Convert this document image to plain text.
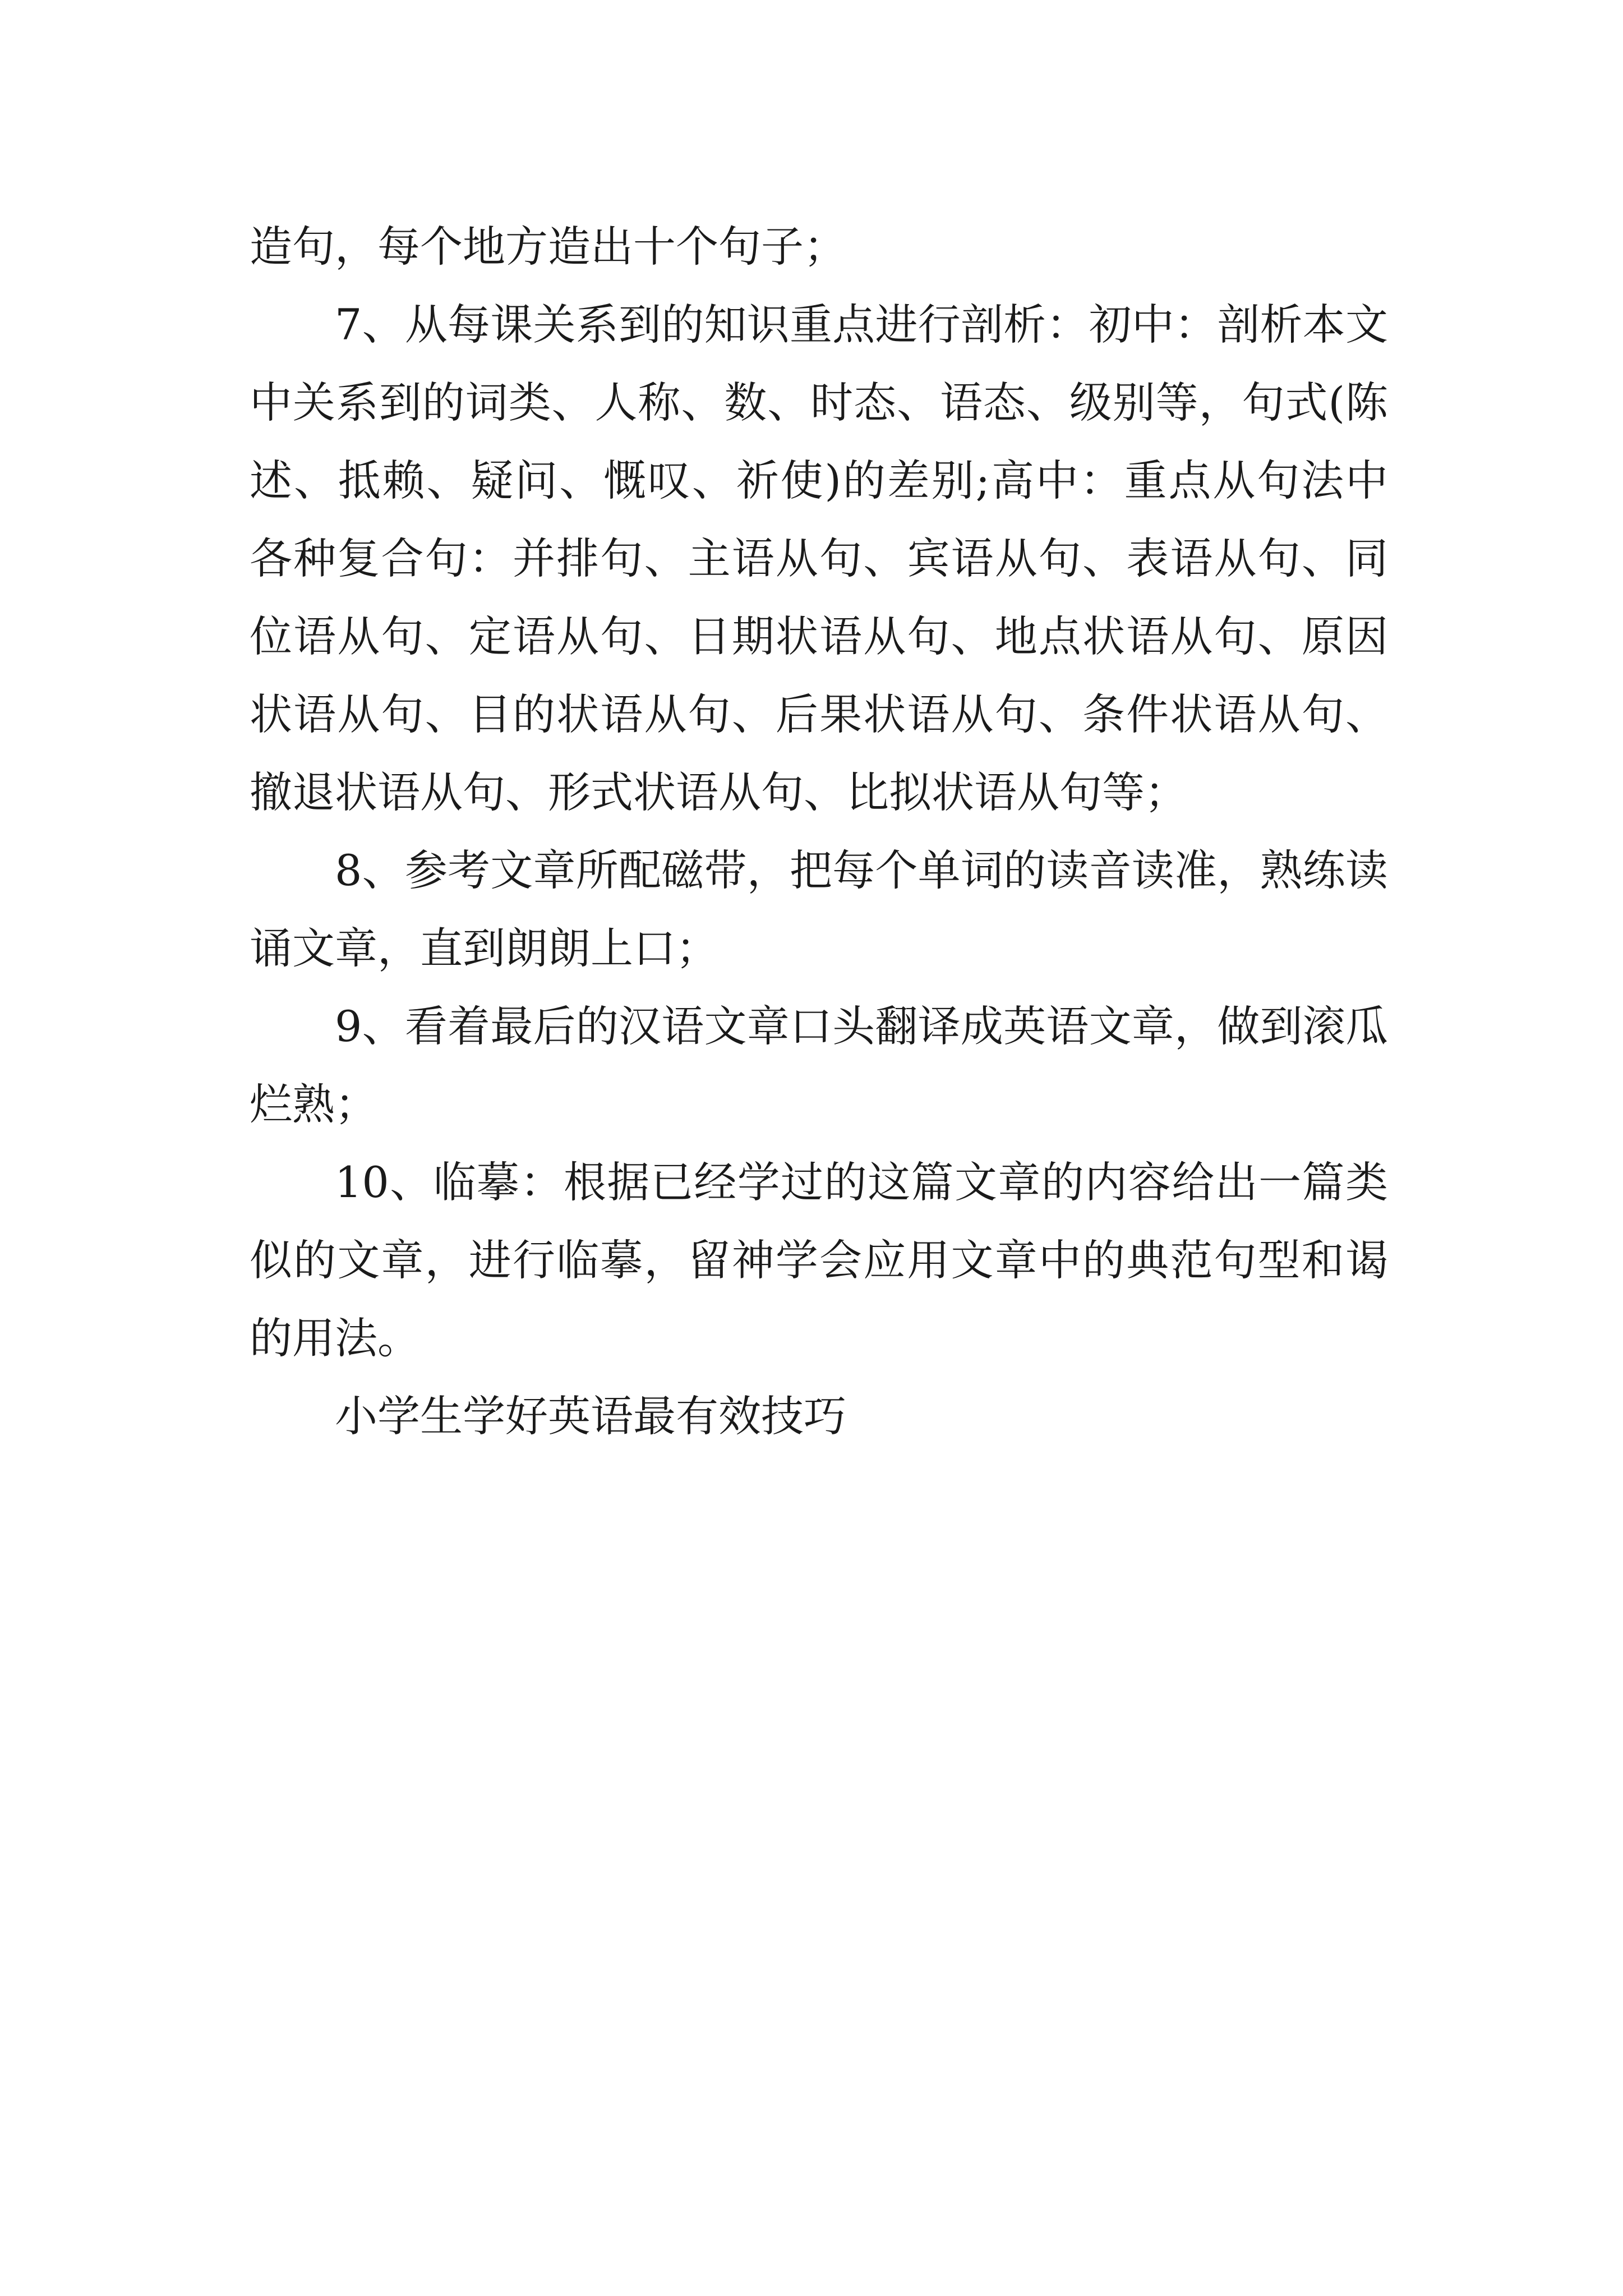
造句，每个地方造出十个句子；

7、从每课关系到的知识重点进行剖析：初中：剖析本文中关系到的词类、人称、数、时态、语态、级别等，句式(陈述、抵赖、疑问、慨叹、祈使)的差别;高中：重点从句法中各种复合句：并排句、主语从句、宾语从句、表语从句、同位语从句、定语从句、日期状语从句、地点状语从句、原因状语从句、目的状语从句、后果状语从句、条件状语从句、撤退状语从句、形式状语从句、比拟状语从句等；

8、参考文章所配磁带，把每个单词的读音读准，熟练读诵文章，直到朗朗上口；

9、看着最后的汉语文章口头翻译成英语文章，做到滚瓜烂熟；

10、临摹：根据已经学过的这篇文章的内容给出一篇类似的文章，进行临摹，留神学会应用文章中的典范句型和谒的用法。

小学生学好英语最有效技巧
